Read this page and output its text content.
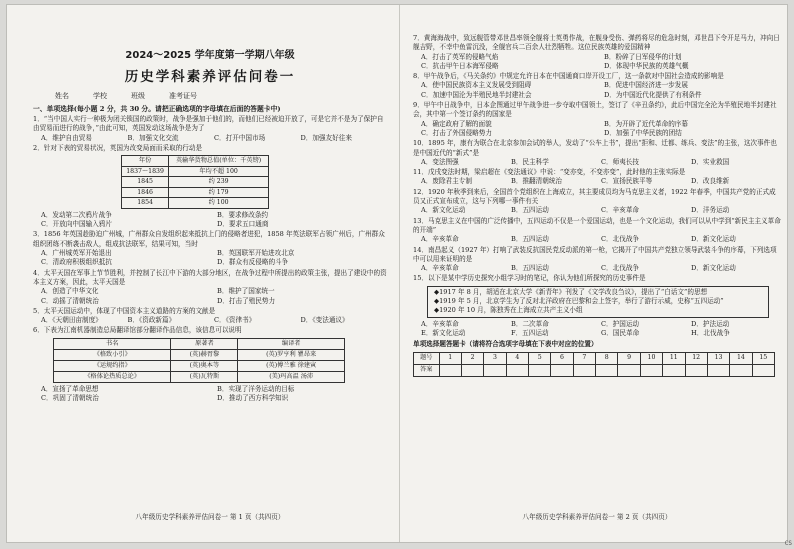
2024～2025 学年度第一学期八年级
历史学科素养评估问卷一
姓名	学校	班级	准考证号
一、单项选择(每小题 2 分，共 30 分。请把正确选项的字母填在后面的答题卡中)
1．“当中国人实行一种极为闭关锁国的政策时，战争是强加于他们的，而他们已经被迫开放了，可是它并不是为了保护自由贸易而进行的战争，”由此可知，英国发动这场战争是为了
A．维护自由贸易	B．加强文化交流	C．打开中国市场	D．加强友好往来
2．针对下表的贸易状况，英国为改变局面而采取的行动是
年份	英输华货物总值(单位：千英镑)
1837～1839	年均不超 100
1845	约 239
1846	约 179
1854	约 100
A．发动第二次鸦片战争	B．要求修改条约
C．开放向中国输入鸦片	D．要求五口通商
3．1856 年英国趁胁迫广州城，广州群众自发组织起来抵抗上门的侵略者进犯，1858 年英法联军占领广州后，广州群众组织团练不断袭击敌人，组成抗法联军，结果可知，当时
A．广州城英军开始退出	B．英国联军开始进攻北京
C．清政府积极组织抵抗	D．群众有反侵略的斗争
4．太平天国在军事上节节胜利，并控制了长江中下游的大部分地区，在战争过程中所提出的政策主张，提出了建设中的资本主义方案，因此，太平天国是
A．创造了中华文化	B．维护了国家统一
C．动摇了清朝统治	D．打击了殖民势力
5．太平天国运动中，体现了中国资本主义道路的方案的文献是
A．《天朝田亩制度》	B．《资政新篇》	C．《资律书》	D．《变法通议》
6．下表为江南机器制造总局翻译馆部分翻译作品信息，该信息可以说明
书名	原著者	编译者
《格致小引》	(英)赫胥黎	(英)罗亨利 瞿昂来
《运规约指》	(英)奥本等	(英)傅兰雅 徐建寅
《格体论热质总论》	(英)瓦特斯	(美)玛高温 汤沛
A．宣扬了革命思想	B．实现了洋务运动的目标
C．巩固了清朝统治	D．推动了西方科学知识
八年级历史学科素养评估问卷一 第 1 页（共四页）
7．黄海海战中，致远舰管带邓世昌率领全舰将士英勇作战，在舰身受伤、弹药将尽的危急时刻，邓世昌下令开足马力，冲向日舰吉野，不幸中鱼雷沉没，全舰官兵二百余人壮烈牺牲。这位民族英雄的爱国精神
A．打击了英军的侵略气焰	B．粉碎了日军侵华的计划
C．抗击甲午日本海军侵略	D．体现中华民族的英雄气概
8．甲午战争后，《马关条约》中规定允许日本在中国通商口岸开设工厂，这一条款对中国社会造成的影响是
A．使中国民族资本主义发展受到阻碍	B．促进中国经济进一步发展
C．加速中国沦为半殖民地半封建社会	D．为中国近代化提供了有利条件
9．甲午中日战争中，日本企图通过甲午战争进一步夺取中国领土，签订了《辛丑条约》，此后中国完全沦为半殖民地半封建社会，其中第一个签订条约的国家是
A．确定政府了解的面貌	B．为开辟了近代革命的序幕
C．打击了外国侵略势力	D．加强了中华民族的团结
10．1895 年，康有为联合在北京参加会试的举人，发动了“公车上书”，提出“拒和、迁都、练兵、变法”的主张，这次事件也是中国近代的“新式”是
A．变法图强	B．民主科学	C．师夷长技	D．实业救国
11．戊戌变法时期，梁启超在《变法通议》中说：“变亦变，不变亦变”，此时他的主张实际是
A．废除君主专制	B．推翻清朝统治	C．宣扬民族平等	D．改良维新
12．1920 年秋季到来后，全国首个党组织在上海成立，其主要成员均为马克思主义者，1922 年春季，中国共产党的正式成员又正式宣布成立，这与下列哪一事件有关
A．新文化运动	B．五四运动	C．辛亥革命	D．洋务运动
13．马克思主义在中国的广泛传播中，五四运动不仅是一个爱国运动，也是一个文化运动，我们可以从中学到“新民主主义革命的开端”
A．辛亥革命	B．五四运动	C．北伐战争	D．新文化运动
14．南昌起义（1927 年）打响了武装反抗国民党反动派的第一枪，它揭开了中国共产党独立领导武装斗争的序幕，下列选项中可以用来证明的是
A．辛亥革命	B．五四运动	C．北伐战争	D．新文化运动
15．以下是某中学历史探究小组学习时的笔记，你认为他们所探究的历史事件是
◆1917 年 8 月，胡适在北京大学《新青年》刊发了《文学改良刍议》，提出了“白话文”的思想
◆1919 年 5 月，北京学生为了反对北洋政府在巴黎和会上签字，举行了游行示威，史称“五四运动”
◆1920 年 10 月，陈独秀在上海成立共产主义小组
A．辛亥革命	B．二次革命	C．护国运动	D．护法运动
E．新文化运动	F．五四运动	G．国民革命	H．北伐战争
单项选择题答题卡（请将符合选项字母填在下表中对应的位置）
题号	1	2	3	4	5	6	7	8	9	10	11	12	13	14	15
答案															
八年级历史学科素养评估问卷一 第 2 页（共四页）
CS
